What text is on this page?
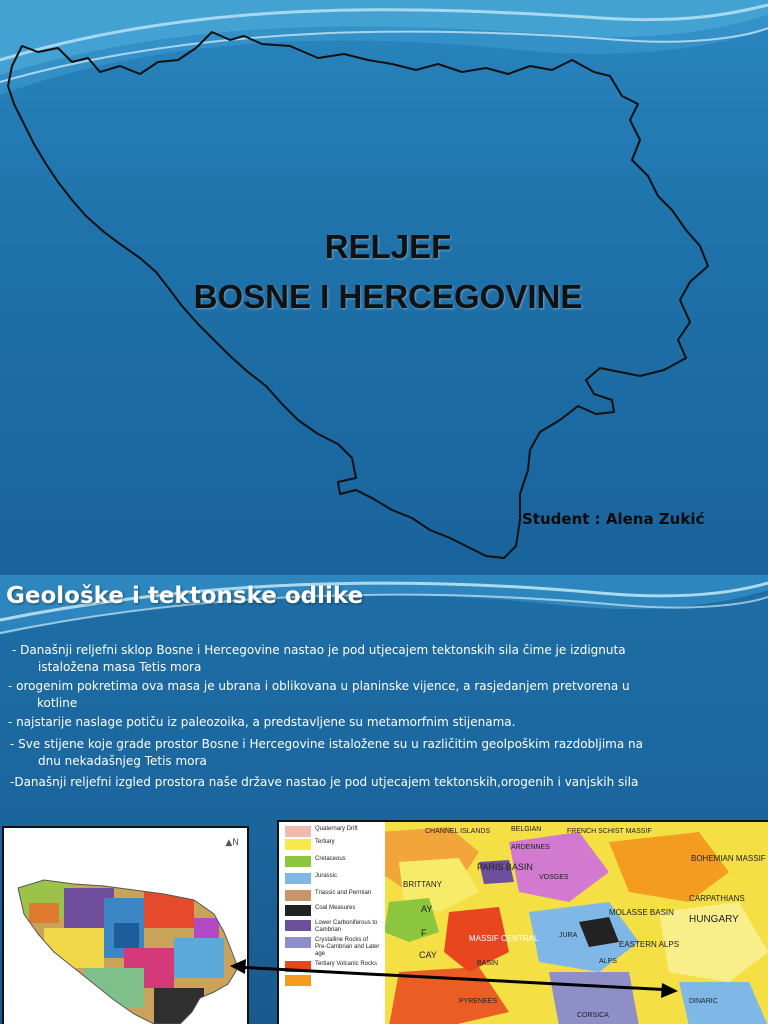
RELJEF
BOSNE I HERCEGOVINE
Student : Alena Zukić
Geološke i tektonske odlike
- Današnji reljefni sklop Bosne i Hercegovine nastao je pod utjecajem tektonskih sila čime je izdignuta
istaložena masa Tetis mora
- orogenim pokretima ova masa je ubrana i oblikovana u planinske vijence, a rasjedanjem pretvorena u
kotline
- najstarije naslage potiču iz paleozoika, a predstavljene su metamorfnim stijenama.
- Sve stijene koje grade prostor Bosne i Hercegovine istaložene su u različitim geolpoškim razdobljima na
dnu nekadašnjeg Tetis mora
-Današnji reljefni izgled prostora naše države nastao je pod utjecajem tektonskih,orogenih i vanjskih sila
▲N
Quaternary Drift
Tertiary
Cretaceous
Jurassic
Triassic and Permian
Coal Measures
Lower Carboniferous to Cambrian
Crystalline Rocks of Pre-Cambrian and Later age
Tertiary Volcanic Rocks
CHANNEL ISLANDS	BELGIAN	FRENCH SCHIST MASSIF
ARDENNES
PARIS BASIN
BOHEMIAN MASSIF
BRITTANY
CARPATHIANS
VOSGES
AY	MOLASSE BASIN
HUNGARY
MASSIF CENTRAL
EASTERN ALPS
JURA
ALPS
PYRENEES
F
CAY
BASIN
CORSICA
DINARIC
